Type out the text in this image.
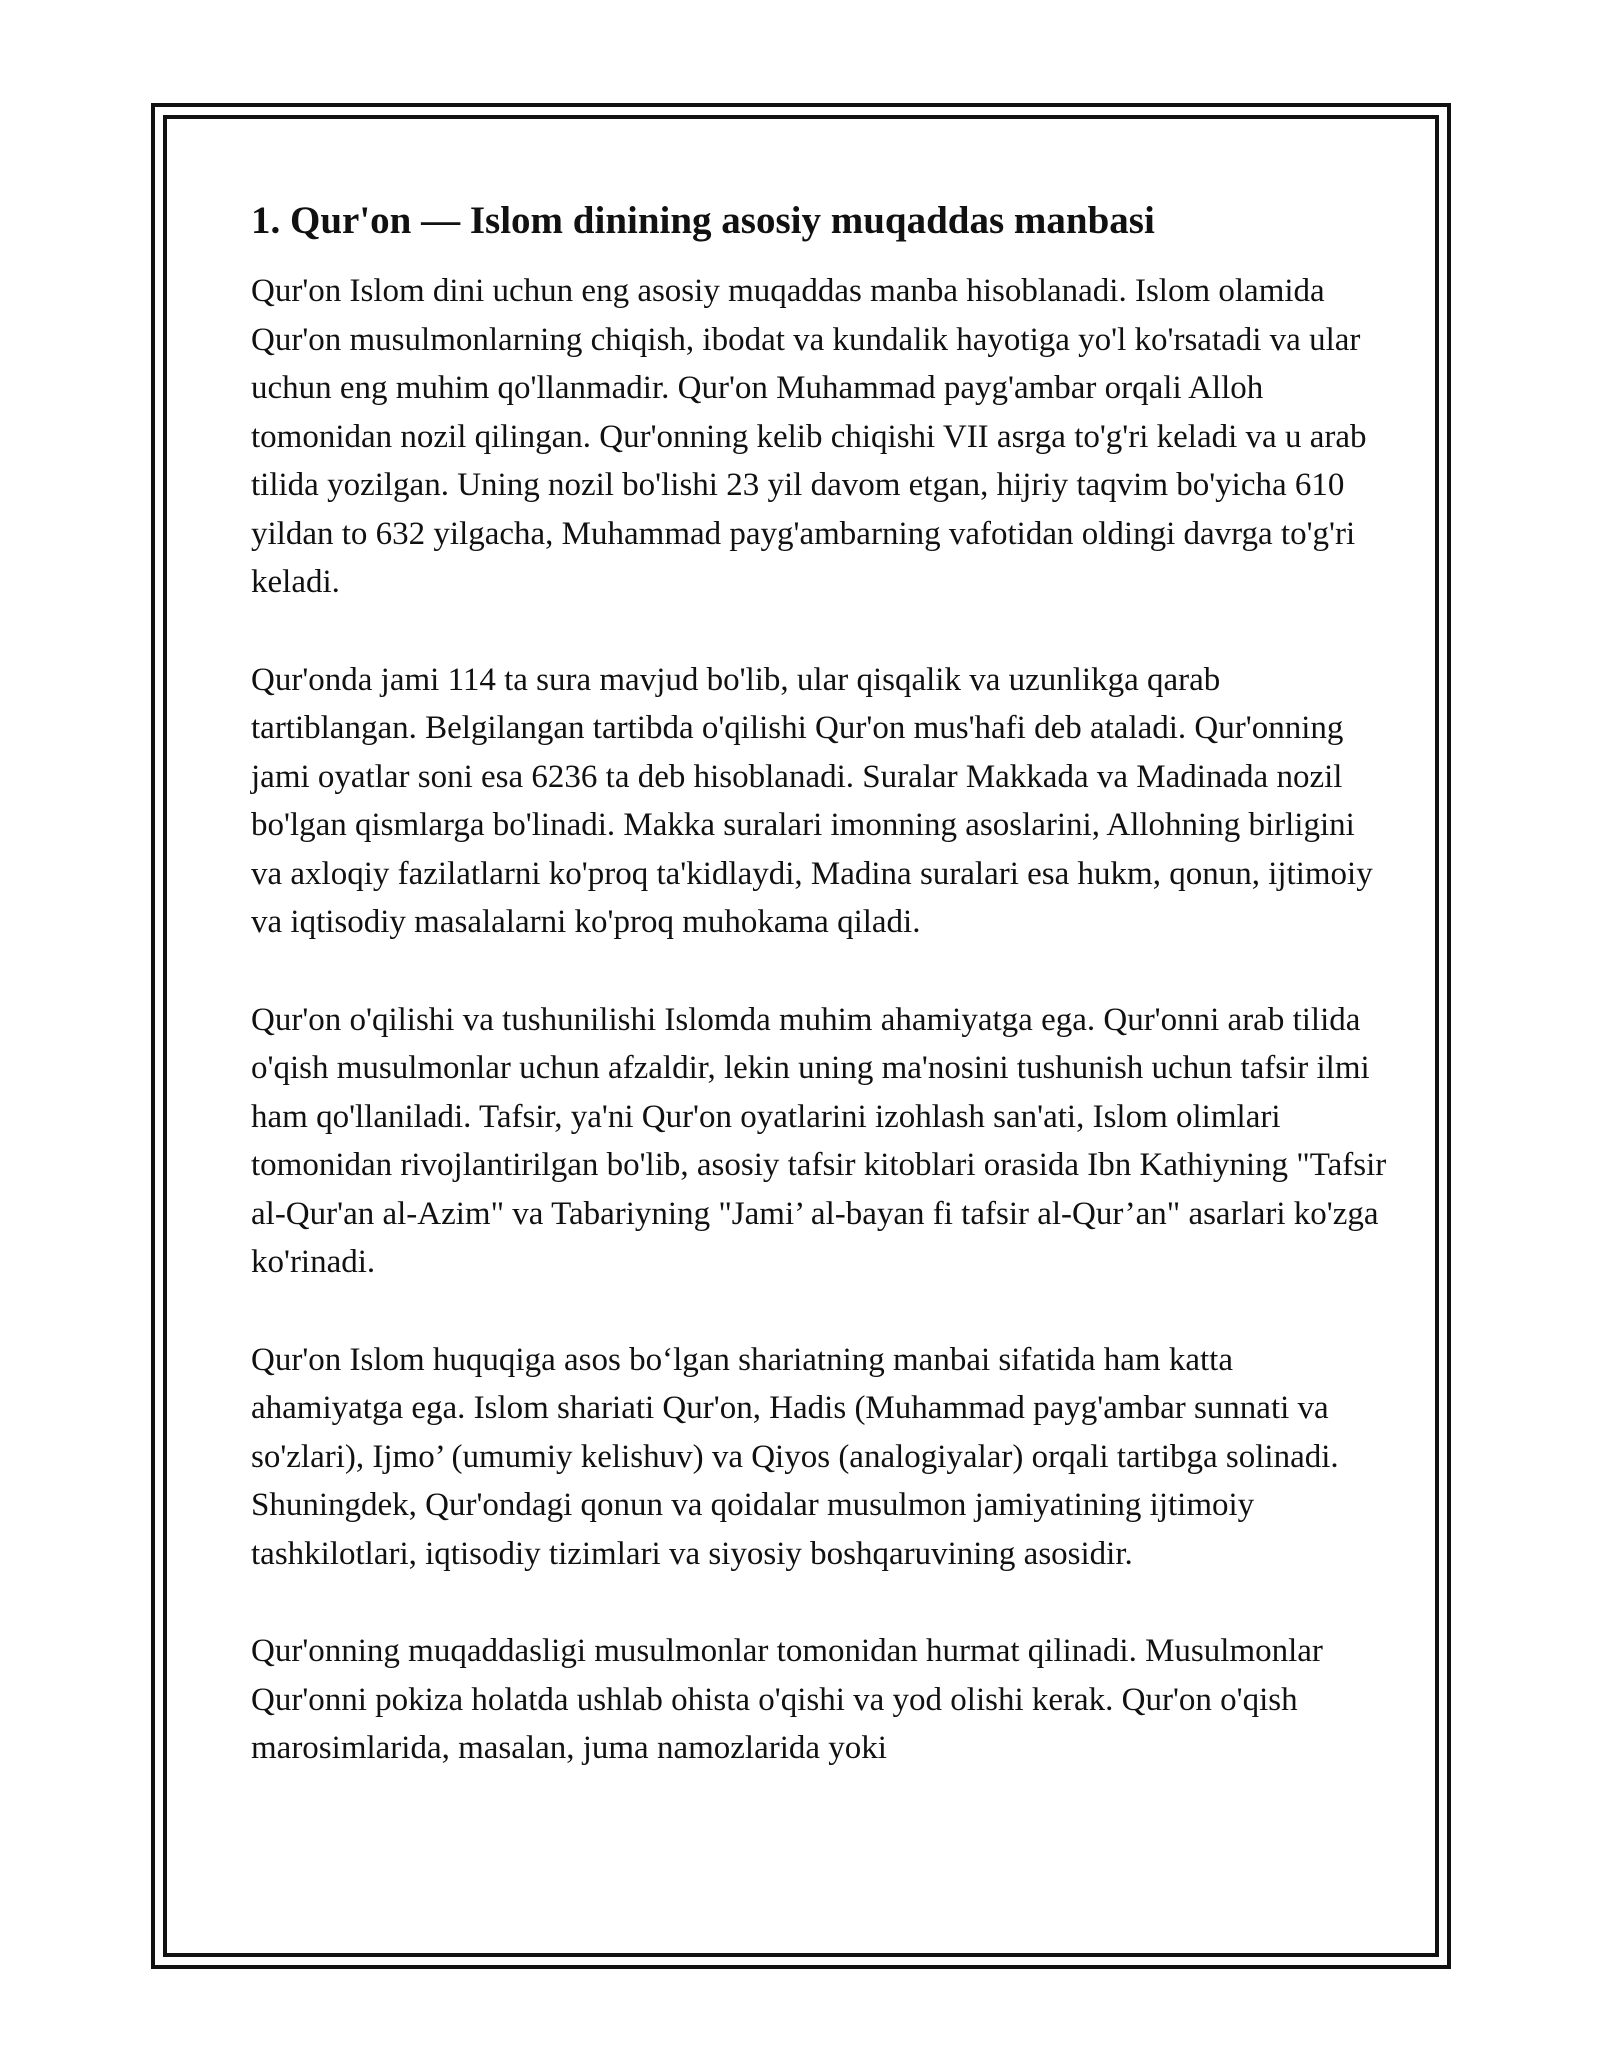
1. Qur'on — Islom dinining asosiy muqaddas manbasi

Qur'on Islom dini uchun eng asosiy muqaddas manba hisoblanadi. Islom olamida Qur'on musulmonlarning chiqish, ibodat va kundalik hayotiga yo'l ko'rsatadi va ular uchun eng muhim qo'llanmadir. Qur'on Muhammad payg'ambar orqali Alloh tomonidan nozil qilingan. Qur'onning kelib chiqishi VII asrga to'g'ri keladi va u arab tilida yozilgan. Uning nozil bo'lishi 23 yil davom etgan, hijriy taqvim bo'yicha 610 yildan to 632 yilgacha, Muhammad payg'ambarning vafotidan oldingi davrga to'g'ri keladi.

Qur'onda jami 114 ta sura mavjud bo'lib, ular qisqalik va uzunlikga qarab tartiblangan. Belgilangan tartibda o'qilishi Qur'on mus'hafi deb ataladi. Qur'onning jami oyatlar soni esa 6236 ta deb hisoblanadi. Suralar Makkada va Madinada nozil bo'lgan qismlarga bo'linadi. Makka suralari imonning asoslarini, Allohning birligini va axloqiy fazilatlarni ko'proq ta'kidlaydi, Madina suralari esa hukm, qonun, ijtimoiy va iqtisodiy masalalarni ko'proq muhokama qiladi.

Qur'on o'qilishi va tushunilishi Islomda muhim ahamiyatga ega. Qur'onni arab tilida o'qish musulmonlar uchun afzaldir, lekin uning ma'nosini tushunish uchun tafsir ilmi ham qo'llaniladi. Tafsir, ya'ni Qur'on oyatlarini izohlash san'ati, Islom olimlari tomonidan rivojlantirilgan bo'lib, asosiy tafsir kitoblari orasida Ibn Kathiyning "Tafsir al-Qur'an al-Azim" va Tabariyning "Jami’ al-bayan fi tafsir al-Qur’an" asarlari ko'zga ko'rinadi.

Qur'on Islom huquqiga asos bo‘lgan shariatning manbai sifatida ham katta ahamiyatga ega. Islom shariati Qur'on, Hadis (Muhammad payg'ambar sunnati va so'zlari), Ijmo’ (umumiy kelishuv) va Qiyos (analogiyalar) orqali tartibga solinadi. Shuningdek, Qur'ondagi qonun va qoidalar musulmon jamiyatining ijtimoiy tashkilotlari, iqtisodiy tizimlari va siyosiy boshqaruvining asosidir.

Qur'onning muqaddasligi musulmonlar tomonidan hurmat qilinadi. Musulmonlar Qur'onni pokiza holatda ushlab ohista o'qishi va yod olishi kerak. Qur'on o'qish marosimlarida, masalan, juma namozlarida yoki
